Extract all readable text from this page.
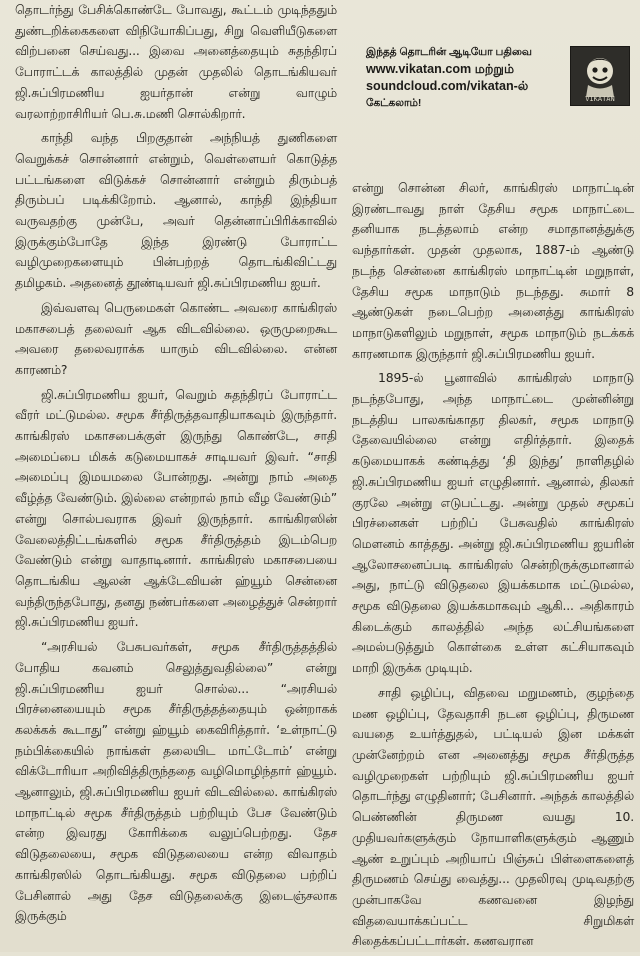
தொடர்ந்து பேசிக்கொண்டே போவது, கூட்டம் முடிந்ததும் துண்டறிக்கைகளை விநியோகிப்பது, சிறு வெளியீடுகளை விற்பனை செய்வது... இவை அனைத்தையும் சுதந்திரப் போராட்டக் காலத்தில் முதன் முதலில் தொடங்கியவர் ஜி.சுப்பிரமணிய ஐயர்தான் என்று வாழும் வரலாற்றாசிரியர் பெ.சு.மணி சொல்கிறார்.

காந்தி வந்த பிறகுதான் அந்நியத் துணிகளை வெறுக்கச் சொன்னார் என்றும், வெள்ளையர் கொடுத்த பட்டங்களை விடுக்கச் சொன்னார் என்றும் திரும்பத் திரும்பப் படிக்கிறோம். ஆனால், காந்தி இந்தியா வருவதற்கு முன்பே, அவர் தென்னாப்பிரிக்காவில் இருக்கும்போதே இந்த இரண்டு போராட்ட வழிமுறைகளையும் பின்பற்றத் தொடங்கிவிட்டது தமிழகம். அதனைத் தூண்டியவர் ஜி.சுப்பிரமணிய ஐயர்.

இவ்வளவு பெருமைகள் கொண்ட அவரை காங்கிரஸ் மகாசபைத் தலைவர் ஆக விடவில்லை. ஒருமுறைகூட அவரை தலைவராக்க யாரும் விடவில்லை. என்ன காரணம்?

ஜி.சுப்பிரமணிய ஐயர், வெறும் சுதந்திரப் போராட்ட வீரர் மட்டுமல்ல. சமூக சீர்திருத்தவாதியாகவும் இருந்தார். காங்கிரஸ் மகாசபைக்குள் இருந்து கொண்டே, சாதி அமைப்பை மிகக் கடுமையாகச் சாடியவர் இவர். “சாதி அமைப்பு இமயமலை போன்றது. அன்று நாம் அதை வீழ்த்த வேண்டும். இல்லை என்றால் நாம் வீழ வேண்டும்” என்று சொல்பவராக இவர் இருந்தார். காங்கிரஸின் வேலைத்திட்டங்களில் சமூக சீர்திருத்தம் இடம்பெற வேண்டும் என்று வாதாடினார். காங்கிரஸ் மகாசபையை தொடங்கிய ஆலன் ஆக்டேவியன் ஹ்யூம் சென்னை வந்திருந்தபோது, தனது நண்பர்களை அழைத்துச் சென்றார் ஜி.சுப்பிரமணிய ஐயர்.

“அரசியல் பேசுபவர்கள், சமூக சீர்திருத்தத்தில் போதிய கவனம் செலுத்துவதில்லை” என்று ஜி.சுப்பிரமணிய ஐயர் சொல்ல... “அரசியல் பிரச்னையையும் சமூக சீர்திருத்தத்தையும் ஒன்றாகக் கலக்கக் கூடாது” என்று ஹ்யூம் கைவிரித்தார். ‘உள்நாட்டு நம்பிக்கையில் நாங்கள் தலையிட மாட்டோம்’ என்று விக்டோரியா அறிவித்திருந்ததை வழிமொழிந்தார் ஹ்யூம். ஆனாலும், ஜி.சுப்பிரமணிய ஐயர் விடவில்லை. காங்கிரஸ் மாநாட்டில் சமூக சீர்திருத்தம் பற்றியும் பேச வேண்டும் என்ற இவரது கோரிக்கை வலுப்பெற்றது. தேச விடுதலையை, சமூக விடுதலையை என்ற விவாதம் காங்கிரஸில் தொடங்கியது. சமூக விடுதலை பற்றிப் பேசினால் அது தேச விடுதலைக்கு இடைஞ்சலாக இருக்கும்

இந்தத் தொடரின் ஆடியோ பதிவை
www.vikatan.com மற்றும்
soundcloud.com/vikatan-ல்
கேட்கலாம்!	VIKATAN

என்று சொன்ன சிலர், காங்கிரஸ் மாநாட்டின் இரண்டாவது நாள் தேசிய சமூக மாநாட்டை தனியாக நடத்தலாம் என்ற சமாதானத்துக்கு வந்தார்கள். முதன் முதலாக, 1887-ம் ஆண்டு நடந்த சென்னை காங்கிரஸ் மாநாட்டின் மறுநாள், தேசிய சமூக மாநாடும் நடந்தது. சுமார் 8 ஆண்டுகள் நடைபெற்ற அனைத்து காங்கிரஸ் மாநாடுகளிலும் மறுநாள், சமூக மாநாடும் நடக்கக் காரணமாக இருந்தார் ஜி.சுப்பிரமணிய ஐயர்.

1895-ல் பூனாவில் காங்கிரஸ் மாநாடு நடந்தபோது, அந்த மாநாட்டை முன்னின்று நடத்திய பாலகங்காதர திலகர், சமூக மாநாடு தேவையில்லை என்று எதிர்த்தார். இதைக் கடுமையாகக் கண்டித்து ‘தி இந்து’ நாளிதழில் ஜி.சுப்பிரமணிய ஐயர் எழுதினார். ஆனால், திலகர் குரலே அன்று எடுபட்டது. அன்று முதல் சமூகப் பிரச்னைகள் பற்றிப் பேசுவதில் காங்கிரஸ் மௌனம் காத்தது. அன்று ஜி.சுப்பிரமணிய ஐயரின் ஆலோசனைப்படி காங்கிரஸ் சென்றிருக்குமானால் அது, நாட்டு விடுதலை இயக்கமாக மட்டுமல்ல, சமூக விடுதலை இயக்கமாகவும் ஆகி... அதிகாரம் கிடைக்கும் காலத்தில் அந்த லட்சியங்களை அமல்படுத்தும் கொள்கை உள்ள கட்சியாகவும் மாறி இருக்க முடியும்.

சாதி ஒழிப்பு, விதவை மறுமணம், குழந்தை மண ஒழிப்பு, தேவதாசி நடன ஒழிப்பு, திருமண வயதை உயர்த்துதல், பட்டியல் இன மக்கள் முன்னேற்றம் என அனைத்து சமூக சீர்திருத்த வழிமுறைகள் பற்றியும் ஜி.சுப்பிரமணிய ஐயர் தொடர்ந்து எழுதினார்; பேசினார். அந்தக் காலத்தில் பெண்ணின் திருமண வயது 10. முதியவர்களுக்கும் நோயாளிகளுக்கும் ஆணும் ஆண் உறுப்பும் அறியாப் பிஞ்சுப் பிள்ளைகளைத் திருமணம் செய்து வைத்து... முதலிரவு முடிவதற்கு முன்பாகவே கணவனை இழந்து விதவையாக்கப்பட்ட சிறுமிகள் சிதைக்கப்பட்டார்கள். கணவரான
